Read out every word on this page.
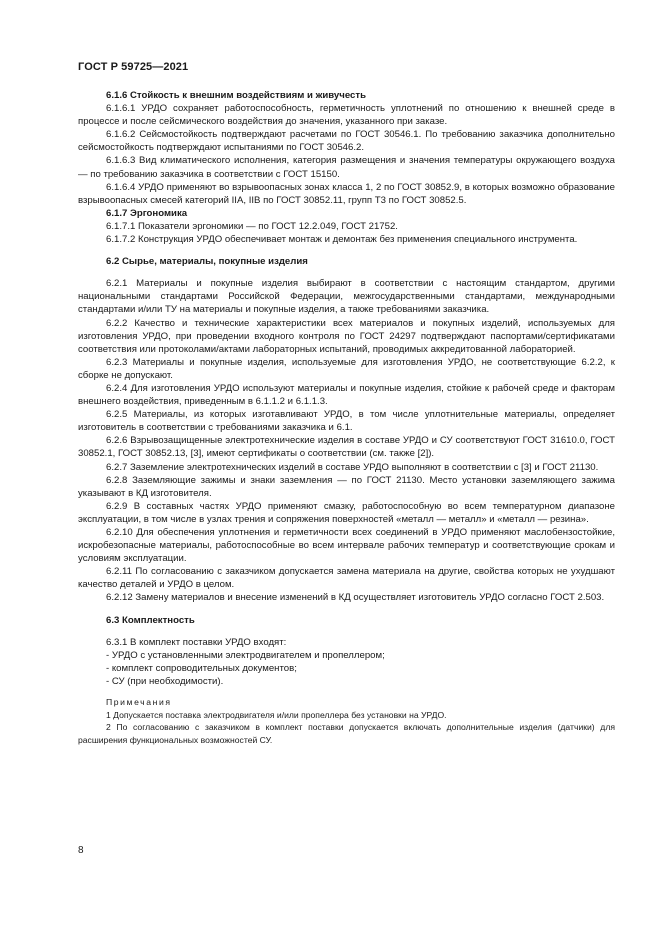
ГОСТ Р 59725—2021

6.1.6 Стойкость к внешним воздействиям и живучесть

6.1.6.1 УРДО сохраняет работоспособность, герметичность уплотнений по отношению к внешней среде в процессе и после сейсмического воздействия до значения, указанного при заказе.

6.1.6.2 Сейсмостойкость подтверждают расчетами по ГОСТ 30546.1. По требованию заказчика дополнительно сейсмостойкость подтверждают испытаниями по ГОСТ 30546.2.

6.1.6.3 Вид климатического исполнения, категория размещения и значения температуры окружающего воздуха — по требованию заказчика в соответствии с ГОСТ 15150.

6.1.6.4 УРДО применяют во взрывоопасных зонах класса 1, 2 по ГОСТ 30852.9, в которых возможно образование взрывоопасных смесей категорий IIA, IIB по ГОСТ 30852.11, групп Т3 по ГОСТ 30852.5.

6.1.7 Эргономика

6.1.7.1 Показатели эргономики — по ГОСТ 12.2.049, ГОСТ 21752.

6.1.7.2 Конструкция УРДО обеспечивает монтаж и демонтаж без применения специального инструмента.

6.2 Сырье, материалы, покупные изделия

6.2.1 Материалы и покупные изделия выбирают в соответствии с настоящим стандартом, другими национальными стандартами Российской Федерации, межгосударственными стандартами, международными стандартами и/или ТУ на материалы и покупные изделия, а также требованиями заказчика.

6.2.2 Качество и технические характеристики всех материалов и покупных изделий, используемых для изготовления УРДО, при проведении входного контроля по ГОСТ 24297 подтверждают паспортами/сертификатами соответствия или протоколами/актами лабораторных испытаний, проводимых аккредитованной лабораторией.

6.2.3 Материалы и покупные изделия, используемые для изготовления УРДО, не соответствующие 6.2.2, к сборке не допускают.

6.2.4 Для изготовления УРДО используют материалы и покупные изделия, стойкие к рабочей среде и факторам внешнего воздействия, приведенным в 6.1.1.2 и 6.1.1.3.

6.2.5 Материалы, из которых изготавливают УРДО, в том числе уплотнительные материалы, определяет изготовитель в соответствии с требованиями заказчика и 6.1.

6.2.6 Взрывозащищенные электротехнические изделия в составе УРДО и СУ соответствуют ГОСТ 31610.0, ГОСТ 30852.1, ГОСТ 30852.13, [3], имеют сертификаты о соответствии (см. также [2]).

6.2.7 Заземление электротехнических изделий в составе УРДО выполняют в соответствии с [3] и ГОСТ 21130.

6.2.8 Заземляющие зажимы и знаки заземления — по ГОСТ 21130. Место установки заземляющего зажима указывают в КД изготовителя.

6.2.9 В составных частях УРДО применяют смазку, работоспособную во всем температурном диапазоне эксплуатации, в том числе в узлах трения и сопряжения поверхностей «металл — металл» и «металл — резина».

6.2.10 Для обеспечения уплотнения и герметичности всех соединений в УРДО применяют маслобензостойкие, искробезопасные материалы, работоспособные во всем интервале рабочих температур и соответствующие срокам и условиям эксплуатации.

6.2.11 По согласованию с заказчиком допускается замена материала на другие, свойства которых не ухудшают качество деталей и УРДО в целом.

6.2.12 Замену материалов и внесение изменений в КД осуществляет изготовитель УРДО согласно ГОСТ 2.503.

6.3 Комплектность

6.3.1 В комплект поставки УРДО входят:

- УРДО с установленными электродвигателем и пропеллером;

- комплект сопроводительных документов;

- СУ (при необходимости).

Примечания

1 Допускается поставка электродвигателя и/или пропеллера без установки на УРДО.

2 По согласованию с заказчиком в комплект поставки допускается включать дополнительные изделия (датчики) для расширения функциональных возможностей СУ.

8
